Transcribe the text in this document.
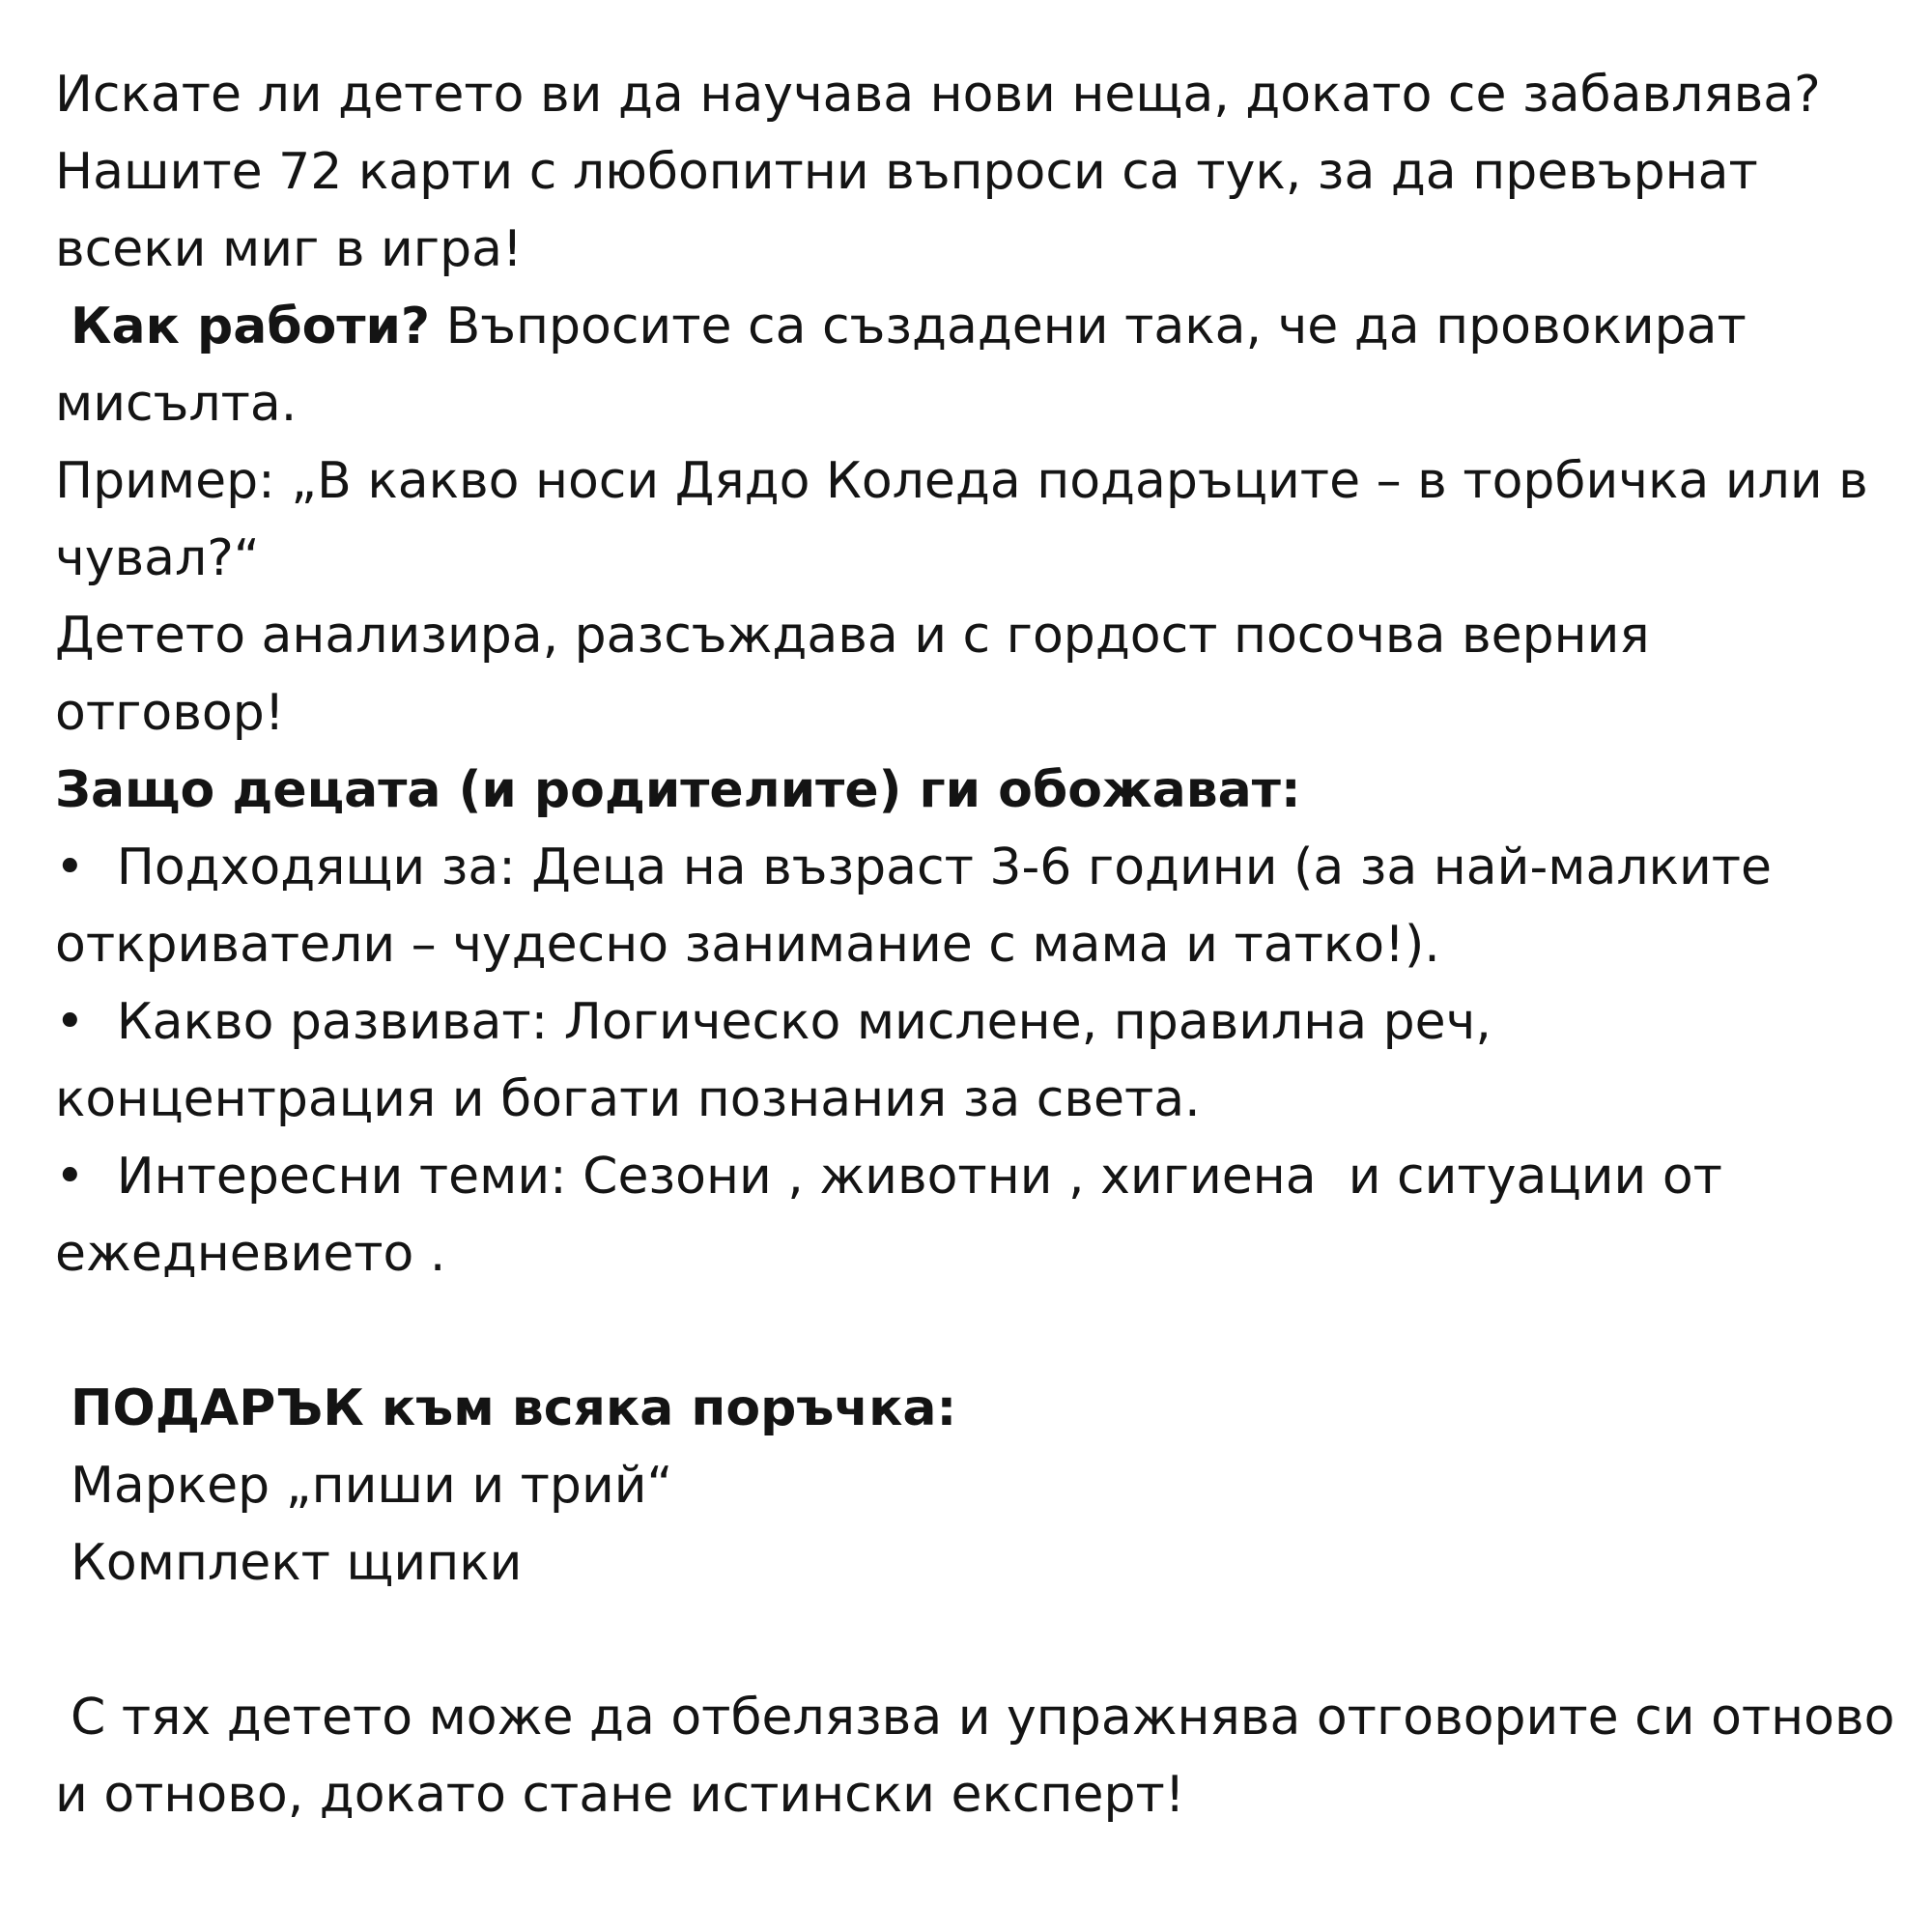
Искате ли детето ви да научава нови неща, докато се забавлява?
Нашите 72 карти с любопитни въпроси са тук, за да превърнат
всеки миг в игра!
Как работи? Въпросите са създадени така, че да провокират
мисълта.
Пример: „В какво носи Дядо Коледа подаръците – в торбичка или в
чувал?“
Детето анализира, разсъждава и с гордост посочва верния
отговор!
Защо децата (и родителите) ги обожават:
•  Подходящи за: Деца на възраст 3-6 години (а за най-малките
откриватели – чудесно занимание с мама и татко!).
•  Какво развиват: Логическо мислене, правилна реч,
концентрация и богати познания за света.
•  Интересни теми: Сезони , животни , хигиена  и ситуации от
ежедневието .
ПОДАРЪК към всяка поръчка:
Маркер „пиши и трий“
Комплект щипки
С тях детето може да отбелязва и упражнява отговорите си отново
и отново, докато стане истински експерт!
